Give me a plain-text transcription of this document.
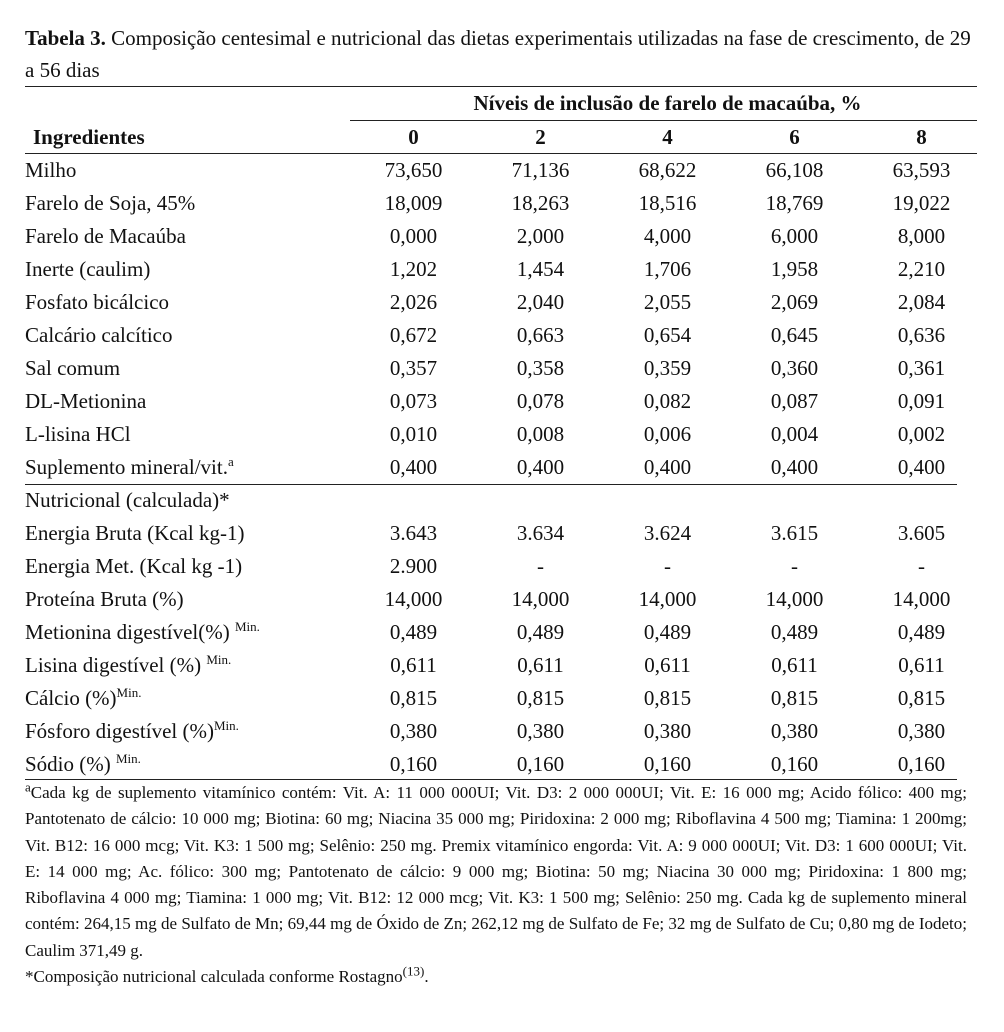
Tabela 3. Composição centesimal e nutricional das dietas experimentais utilizadas na fase de crescimento, de 29 a 56 dias
	Níveis de inclusão de farelo de macaúba, %				
Ingredientes	0	2	4	6	8
Milho	73,650	71,136	68,622	66,108	63,593
Farelo de Soja, 45%	18,009	18,263	18,516	18,769	19,022
Farelo de Macaúba	0,000	2,000	4,000	6,000	8,000
Inerte (caulim)	1,202	1,454	1,706	1,958	2,210
Fosfato bicálcico	2,026	2,040	2,055	2,069	2,084
Calcário calcítico	0,672	0,663	0,654	0,645	0,636
Sal comum	0,357	0,358	0,359	0,360	0,361
DL-Metionina	0,073	0,078	0,082	0,087	0,091
L-lisina HCl	0,010	0,008	0,006	0,004	0,002
Suplemento mineral/vit.$^a$	0,400	0,400	0,400	0,400	0,400
Nutricional (calculada)*					
Energia Bruta (Kcal kg-1)	3.643	3.634	3.624	3.615	3.605
Energia Met. (Kcal kg -1)	2.900	-	-	-	-
Proteína Bruta (%)	14,000	14,000	14,000	14,000	14,000
Metionina digestível(%) $^{Min.}$	0,489	0,489	0,489	0,489	0,489
Lisina digestível (%) $^{Min.}$	0,611	0,611	0,611	0,611	0,611
Cálcio (%)$^{Min.}$	0,815	0,815	0,815	0,815	0,815
Fósforo digestível (%)$^{Min.}$	0,380	0,380	0,380	0,380	0,380
Sódio (%) $^{Min.}$	0,160	0,160	0,160	0,160	0,160

$^a$Cada kg de suplemento vitamínico contém: Vit. A: 11 000 000UI; Vit. D3: 2 000 000UI; Vit. E: 16 000 mg; Acido fólico: 400 mg; Pantotenato de cálcio: 10 000 mg; Biotina: 60 mg; Niacina 35 000 mg; Piridoxina: 2 000 mg; Riboflavina 4 500 mg; Tiamina: 1 200mg; Vit. B12: 16 000 mcg; Vit. K3: 1 500 mg; Selênio: 250 mg. Premix vitamínico engorda: Vit. A: 9 000 000UI; Vit. D3: 1 600 000UI; Vit. E: 14 000 mg; Ac. fólico: 300 mg; Pantotenato de cálcio: 9 000 mg; Biotina: 50 mg; Niacina 30 000 mg; Piridoxina: 1 800 mg; Riboflavina 4 000 mg; Tiamina: 1 000 mg; Vit. B12: 12 000 mcg; Vit. K3: 1 500 mg; Selênio: 250 mg. Cada kg de suplemento mineral contém: 264,15 mg de Sulfato de Mn; 69,44 mg de Óxido de Zn; 262,12 mg de Sulfato de Fe; 32 mg de Sulfato de Cu; 0,80 mg de Iodeto; Caulim 371,49 g.

*Composição nutricional calculada conforme Rostagno$^{(13)}$.
